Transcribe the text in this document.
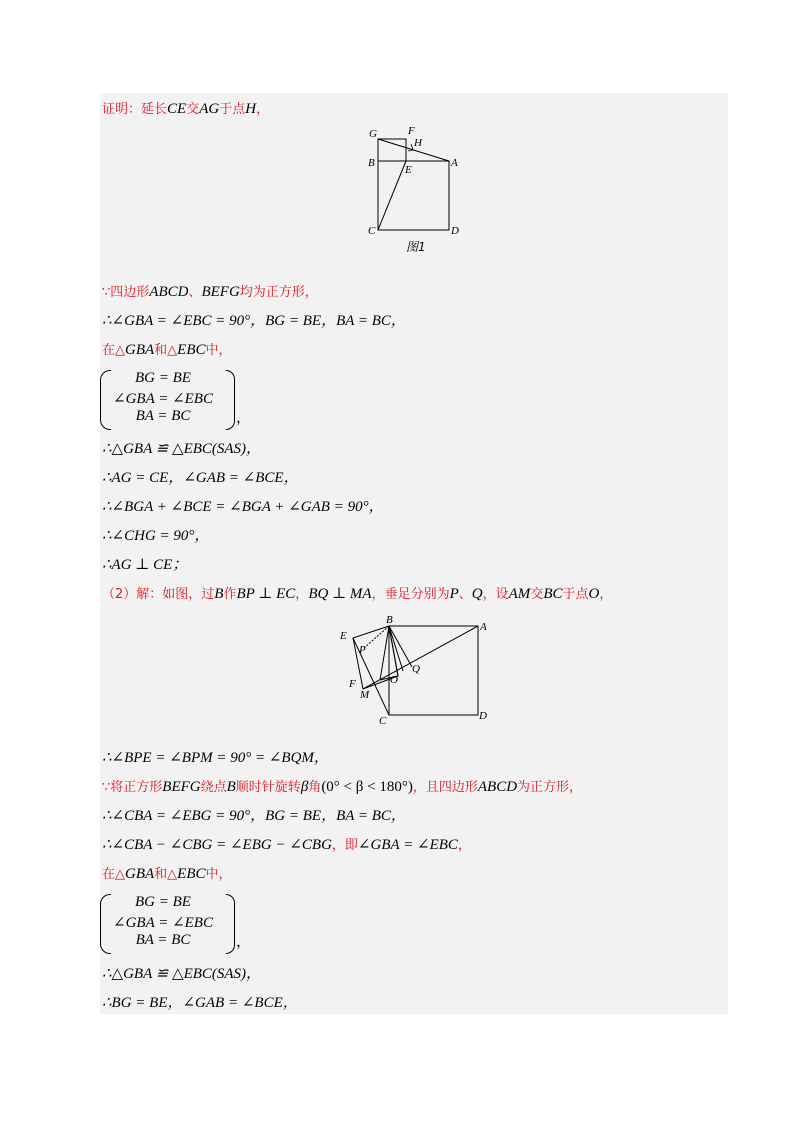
证明：延长CE交AG于点H，
G	F
H
B	A
E
C	D
图1
∵四边形ABCD、BEFG均为正方形，
∴∠GBA = ∠EBC = 90°，BG = BE，BA = BC，
在△GBA和△EBC中，
BG = BE
∠GBA = ∠EBC
BA = BC	，
∴△GBA ≌ △EBC(SAS)，
∴AG = CE，∠GAB = ∠BCE，
∴∠BGA + ∠BCE = ∠BGA + ∠GAB = 90°，
∴∠CHG = 90°，
∴AG ⊥ CE；
（2）解：如图，过B作BP ⊥ EC，BQ ⊥ MA，垂足分别为P、Q，设AM交BC于点O，
B
A
E
P
Q
O
F
M
C	D
∴∠BPE = ∠BPM = 90° = ∠BQM，
∵将正方形BEFG绕点B顺时针旋转β角(0° < β < 180°)，且四边形ABCD为正方形，
∴∠CBA = ∠EBG = 90°，BG = BE，BA = BC，
∴∠CBA − ∠CBG = ∠EBG − ∠CBG，即∠GBA = ∠EBC，
在△GBA和△EBC中，
BG = BE
∠GBA = ∠EBC
BA = BC	，
∴△GBA ≌ △EBC(SAS)，
∴BG = BE，∠GAB = ∠BCE，
